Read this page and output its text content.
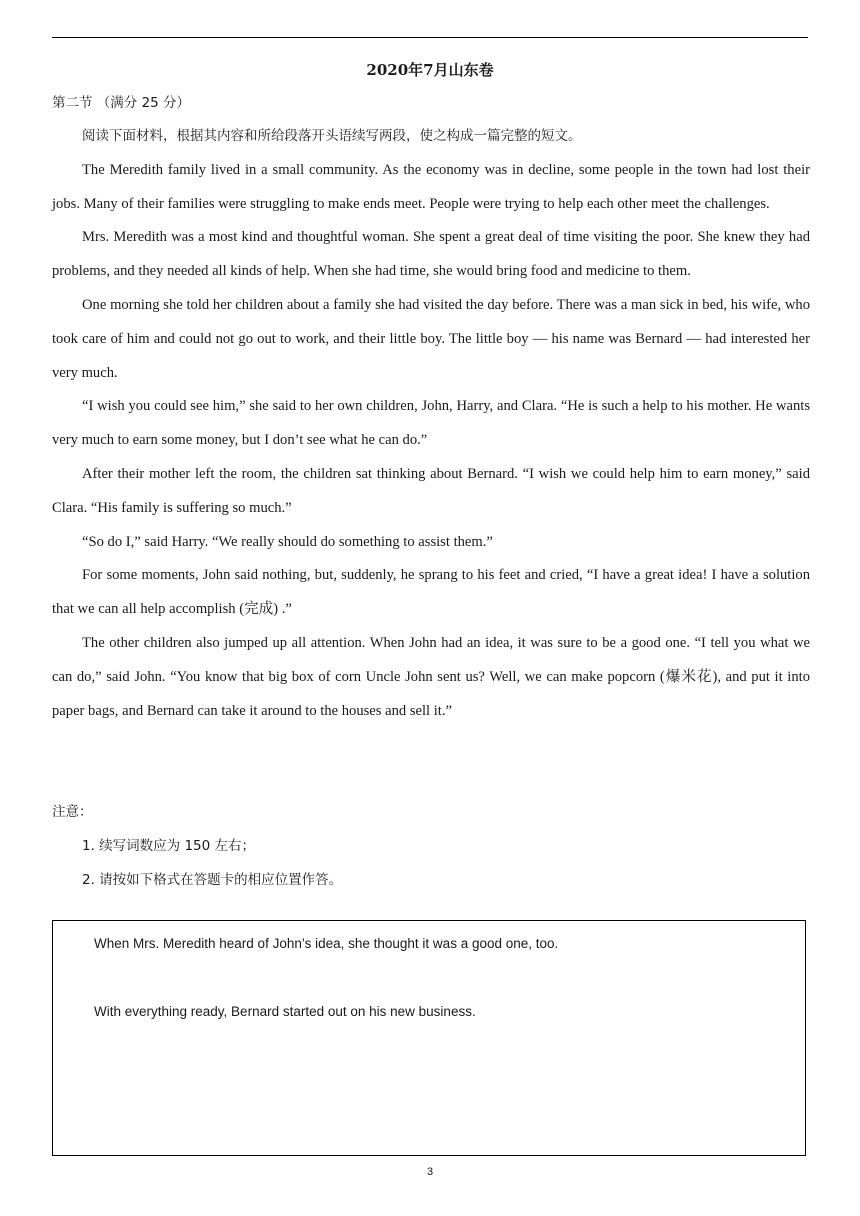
2020年7月山东卷
第二节 （满分 25 分）

阅读下面材料，根据其内容和所给段落开头语续写两段，使之构成一篇完整的短文。

The Meredith family lived in a small community. As the economy was in decline, some people in the town had lost their jobs. Many of their families were struggling to make ends meet. People were trying to help each other meet the challenges.

Mrs. Meredith was a most kind and thoughtful woman. She spent a great deal of time visiting the poor. She knew they had problems, and they needed all kinds of help. When she had time, she would bring food and medicine to them.

One morning she told her children about a family she had visited the day before. There was a man sick in bed, his wife, who took care of him and could not go out to work, and their little boy. The little boy — his name was Bernard — had interested her very much.

“I wish you could see him,” she said to her own children, John, Harry, and Clara. “He is such a help to his mother. He wants very much to earn some money, but I don’t see what he can do.”

After their mother left the room, the children sat thinking about Bernard. “I wish we could help him to earn money,” said Clara. “His family is suffering so much.”

“So do I,” said Harry. “We really should do something to assist them.”

For some moments, John said nothing, but, suddenly, he sprang to his feet and cried, “I have a great idea! I have a solution that we can all help accomplish (完成) .”

The other children also jumped up all attention. When John had an idea, it was sure to be a good one. “I tell you what we can do,” said John. “You know that big box of corn Uncle John sent us? Well, we can make popcorn (爆米花), and put it into paper bags, and Bernard can take it around to the houses and sell it.”

注意：
1. 续写词数应为 150 左右；
2. 请按如下格式在答题卡的相应位置作答。
When Mrs. Meredith heard of John’s idea, she thought it was a good one, too.
With everything ready, Bernard started out on his new business.
3
